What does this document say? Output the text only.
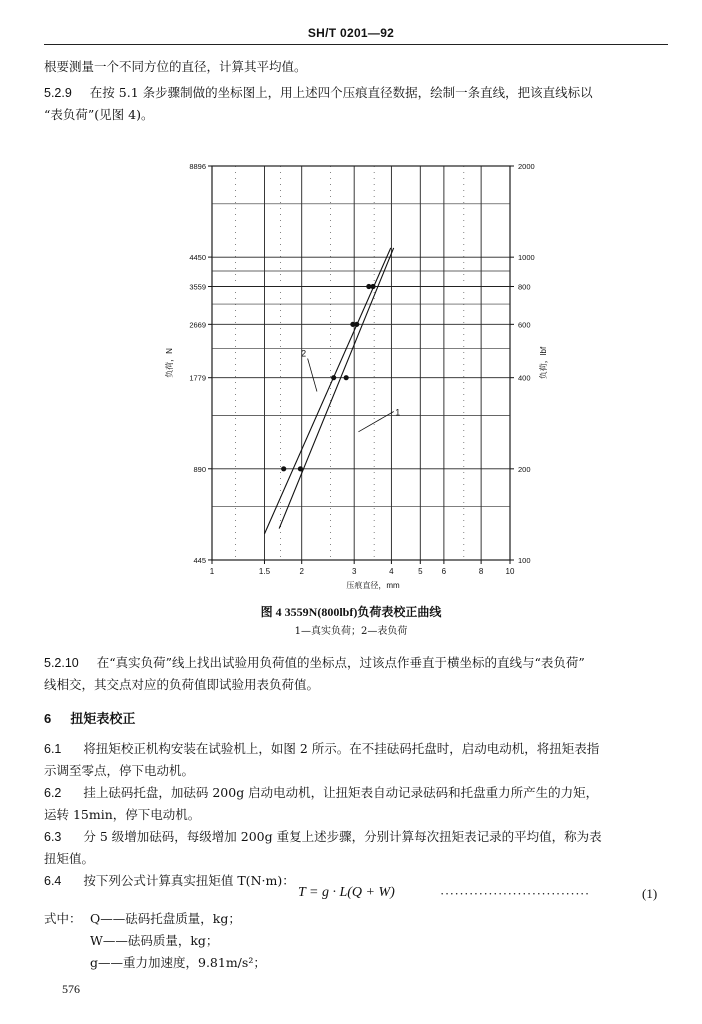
SH/T 0201—92
根要测量一个不同方位的直径，计算其平均值。
5.2.9 在按 5.1 条步骤制做的坐标图上，用上述四个压痕直径数据，绘制一条直线，把该直线标以
“表负荷”(见图 4)。
1	1.5	2	3	4	5 6	8	10
100
200
400
600
800
1000
2000
445
890
1779
2669
3559
4450
8896
压痕直径，mm
负荷，N	负荷，lbf
1
2
图 4 3559N(800lbf)负荷表校正曲线
1—真实负荷；2—表负荷
5.2.10 在“真实负荷”线上找出试验用负荷值的坐标点，过该点作垂直于横坐标的直线与“表负荷”
线相交，其交点对应的负荷值即试验用表负荷值。
6 扭矩表校正
6.1 将扭矩校正机构安装在试验机上，如图 2 所示。在不挂砝码托盘时，启动电动机，将扭矩表指
示调至零点，停下电动机。
6.2 挂上砝码托盘，加砝码 200g 启动电动机，让扭矩表自动记录砝码和托盘重力所产生的力矩，
运转 15min，停下电动机。
6.3 分 5 级增加砝码，每级增加 200g 重复上述步骤，分别计算每次扭矩表记录的平均值，称为表
扭矩值。
6.4 按下列公式计算真实扭矩值 T(N·m)：
T = g · L(Q + W)	·······························	(1)
式中： Q——砝码托盘质量，kg；
W——砝码质量，kg；
g——重力加速度，9.81m/s²；
576
